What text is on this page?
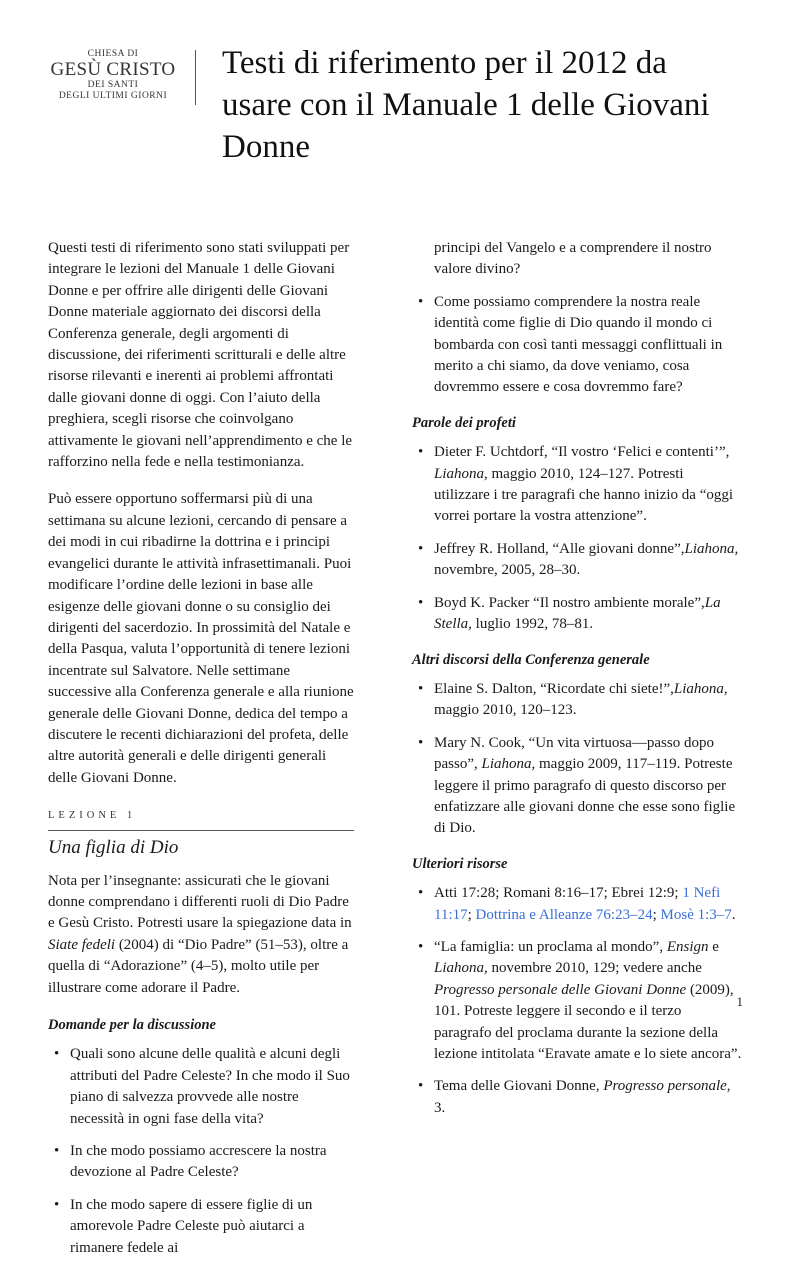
CHIESA DI
GESÙ CRISTO
DEI SANTI
DEGLI ULTIMI GIORNI
Testi di riferimento per il 2012 da usare con il Manuale 1 delle Giovani Donne

Questi testi di riferimento sono stati sviluppati per integrare le lezioni del Manuale 1 delle Giovani Donne e per offrire alle dirigenti delle Giovani Donne materiale aggiornato dei discorsi della Conferenza generale, degli argomenti di discussione, dei riferimenti scritturali e delle altre risorse rilevanti e inerenti ai problemi affrontati dalle giovani donne di oggi. Con l’aiuto della preghiera, scegli risorse che coinvolgano attivamente le giovani nell’apprendimento e che le rafforzino nella fede e nella testimonianza.

Può essere opportuno soffermarsi più di una settimana su alcune lezioni, cercando di pensare a dei modi in cui ribadirne la dottrina e i principi evangelici durante le attività infrasettimanali. Puoi modificare l’ordine delle lezioni in base alle esigenze delle giovani donne o su consiglio dei dirigenti del sacerdozio. In prossimità del Natale e della Pasqua, valuta l’opportunità di tenere lezioni incentrate sul Salvatore. Nelle settimane successive alla Conferenza generale e alla riunione generale delle Giovani Donne, dedica del tempo a discutere le recenti dichiarazioni del profeta, delle altre autorità generali e delle dirigenti generali delle Giovani Donne.

LEZIONE 1
Una figlia di Dio

Nota per l’insegnante: assicurati che le giovani donne comprendano i differenti ruoli di Dio Padre e Gesù Cristo. Potresti usare la spiegazione data in Siate fedeli (2004) di “Dio Padre” (51–53), oltre a quella di “Adorazione” (4–5), molto utile per illustrare come adorare il Padre.

Domande per la discussione
• Quali sono alcune delle qualità e alcuni degli attributi del Padre Celeste? In che modo il Suo piano di salvezza provvede alle nostre necessità in ogni fase della vita?
• In che modo possiamo accrescere la nostra devozione al Padre Celeste?
• In che modo sapere di essere figlie di un amorevole Padre Celeste può aiutarci a rimanere fedele ai
principi del Vangelo e a comprendere il nostro valore divino?
• Come possiamo comprendere la nostra reale identità come figlie di Dio quando il mondo ci bombarda con così tanti messaggi conflittuali in merito a chi siamo, da dove veniamo, cosa dovremmo essere e cosa dovremmo fare?
Parole dei profeti
• Dieter F. Uchtdorf, “Il vostro ‘Felici e contenti’”, Liahona, maggio 2010, 124–127. Potresti utilizzare i tre paragrafi che hanno inizio da “oggi vorrei portare la vostra attenzione”.
• Jeffrey R. Holland, “Alle giovani donne”,Liahona, novembre, 2005, 28–30.
• Boyd K. Packer “Il nostro ambiente morale”,La Stella, luglio 1992, 78–81.
Altri discorsi della Conferenza generale
• Elaine S. Dalton, “Ricordate chi siete!”,Liahona, maggio 2010, 120–123.
• Mary N. Cook, “Un vita virtuosa—passo dopo passo”, Liahona, maggio 2009, 117–119. Potreste leggere il primo paragrafo di questo discorso per enfatizzare alle giovani donne che esse sono figlie di Dio.
Ulteriori risorse
• Atti 17:28; Romani 8:16–17; Ebrei 12:9; 1 Nefi 11:17; Dottrina e Alleanze 76:23–24; Mosè 1:3–7.
• “La famiglia: un proclama al mondo”, Ensign e Liahona, novembre 2010, 129; vedere anche Progresso personale delle Giovani Donne (2009), 101. Potreste leggere il secondo e il terzo paragrafo del proclama durante la sezione della lezione intitolata “Eravate amate e lo siete ancora”.
• Tema delle Giovani Donne, Progresso personale, 3.
1
